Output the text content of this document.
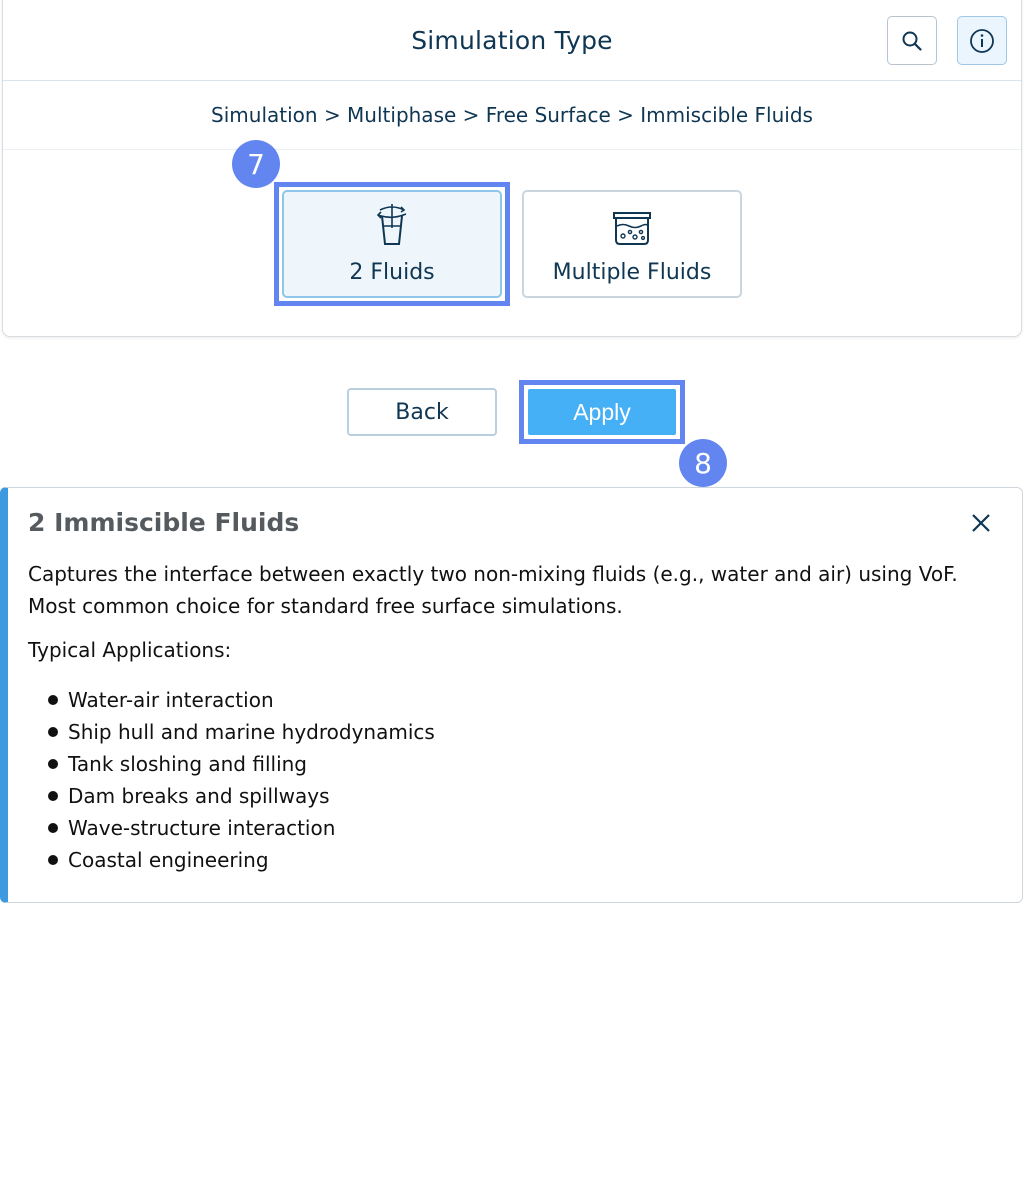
Simulation Type
Simulation > Multiphase > Free Surface > Immiscible Fluids
2 Fluids
7
Multiple Fluids
Back	Apply
8
2 Immiscible Fluids
Captures the interface between exactly two non-mixing fluids (e.g., water and air) using VoF. Most common choice for standard free surface simulations.
Typical Applications:
Water-air interaction
Ship hull and marine hydrodynamics
Tank sloshing and filling
Dam breaks and spillways
Wave-structure interaction
Coastal engineering
